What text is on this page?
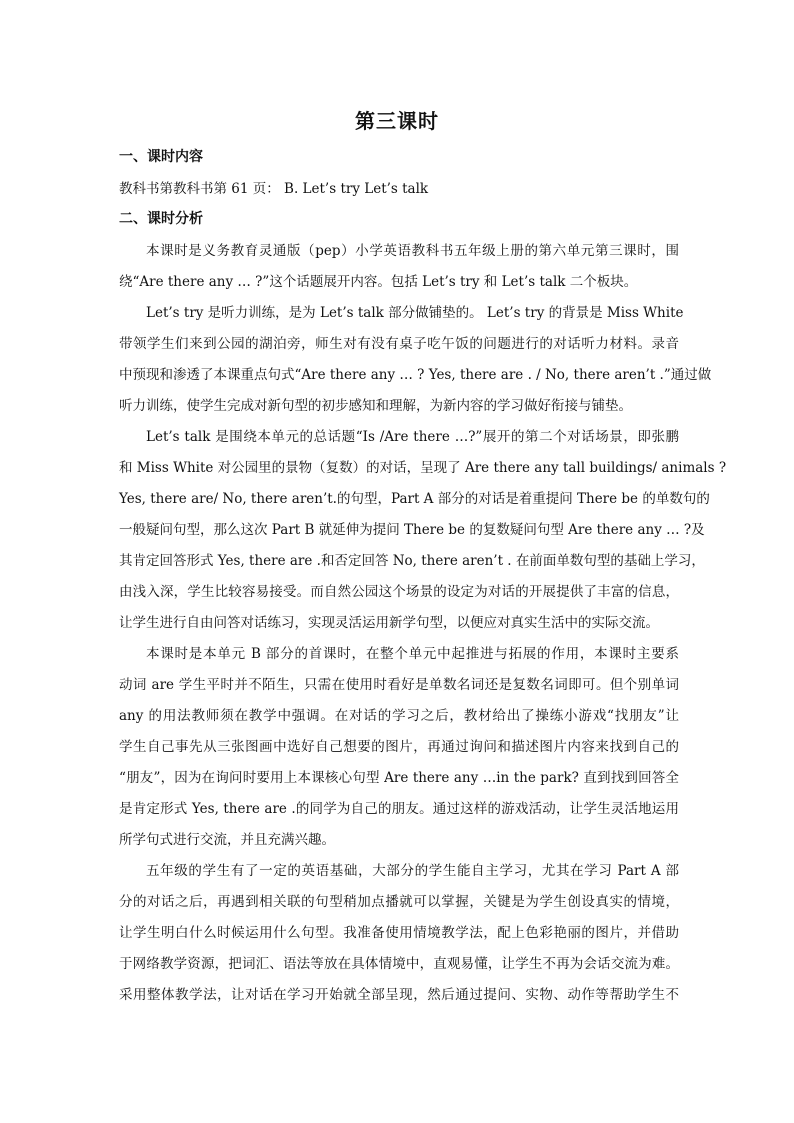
第三课时
一、课时内容

教科书第教科书第 61 页： B. Let’s try Let’s talk

二、课时分析

本课时是义务教育灵通版（pep）小学英语教科书五年级上册的第六单元第三课时，围

绕“Are there any … ?”这个话题展开内容。包括 Let’s try 和 Let’s talk 二个板块。

Let’s try 是听力训练，是为 Let’s talk 部分做铺垫的。 Let’s try 的背景是 Miss White

带领学生们来到公园的湖泊旁，师生对有没有桌子吃午饭的问题进行的对话听力材料。录音

中预现和渗透了本课重点句式“Are there any … ? Yes, there are . / No, there aren’t .”通过做

听力训练，使学生完成对新句型的初步感知和理解，为新内容的学习做好衔接与铺垫。

Let’s talk 是围绕本单元的总话题“Is /Are there …?”展开的第二个对话场景，即张鹏

和 Miss White 对公园里的景物（复数）的对话，呈现了 Are there any tall buildings/ animals ?

Yes, there are/ No, there aren’t.的句型，Part A 部分的对话是着重提问 There be 的单数句的

一般疑问句型，那么这次 Part B 就延伸为提问 There be 的复数疑问句型 Are there any … ?及

其肯定回答形式 Yes, there are .和否定回答 No, there aren’t . 在前面单数句型的基础上学习，

由浅入深，学生比较容易接受。而自然公园这个场景的设定为对话的开展提供了丰富的信息，

让学生进行自由问答对话练习，实现灵活运用新学句型，以便应对真实生活中的实际交流。

本课时是本单元 B 部分的首课时，在整个单元中起推进与拓展的作用，本课时主要系

动词 are 学生平时并不陌生，只需在使用时看好是单数名词还是复数名词即可。但个别单词

any 的用法教师须在教学中强调。在对话的学习之后，教材给出了操练小游戏“找朋友”让

学生自己事先从三张图画中选好自己想要的图片，再通过询问和描述图片内容来找到自己的

“朋友”，因为在询问时要用上本课核心句型 Are there any …in the park? 直到找到回答全

是肯定形式 Yes, there are .的同学为自己的朋友。通过这样的游戏活动，让学生灵活地运用

所学句式进行交流，并且充满兴趣。

五年级的学生有了一定的英语基础，大部分的学生能自主学习，尤其在学习 Part A 部

分的对话之后，再遇到相关联的句型稍加点播就可以掌握，关键是为学生创设真实的情境，

让学生明白什么时候运用什么句型。我准备使用情境教学法，配上色彩艳丽的图片，并借助

于网络教学资源，把词汇、语法等放在具体情境中，直观易懂，让学生不再为会话交流为难。

采用整体教学法，让对话在学习开始就全部呈现，然后通过提问、实物、动作等帮助学生不
